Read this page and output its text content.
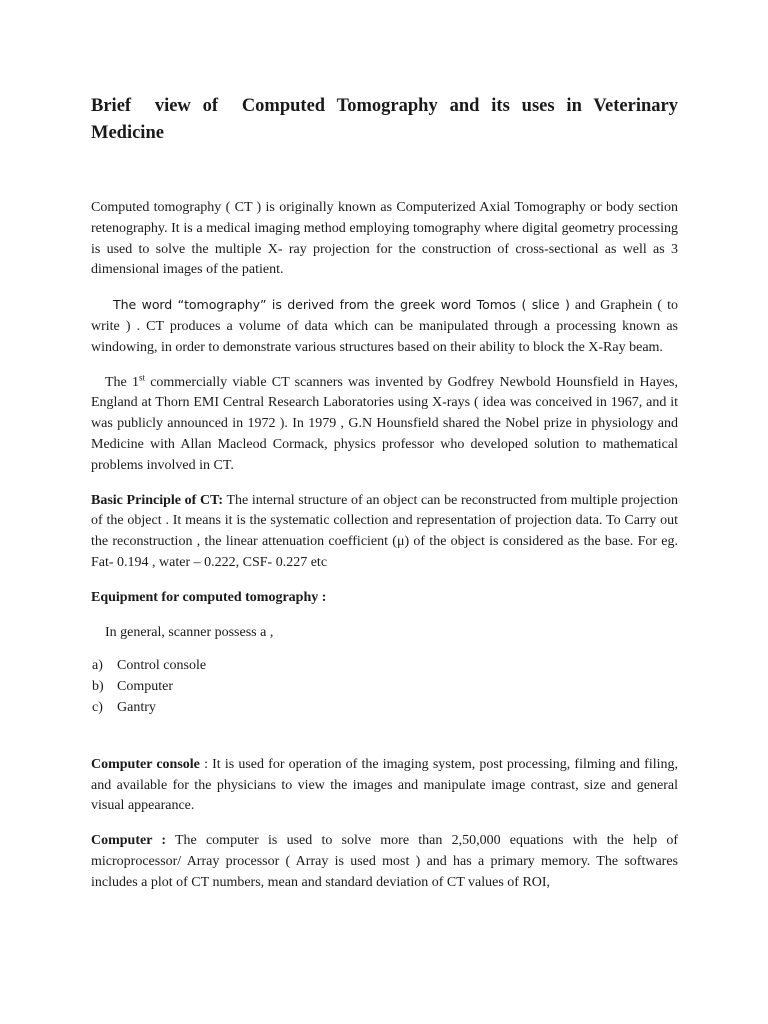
Brief view of Computed Tomography and its uses in Veterinary Medicine

Computed tomography ( CT ) is originally known as Computerized Axial Tomography or body section retenography. It is a medical imaging method employing tomography where digital geometry processing is used to solve the multiple X- ray projection for the construction of cross-sectional as well as 3 dimensional images of the patient.

The word “tomography” is derived from the greek word Tomos ( slice ) and Graphein ( to write ) . CT produces a volume of data which can be manipulated through a processing known as windowing, in order to demonstrate various structures based on their ability to block the X-Ray beam.

The 1st commercially viable CT scanners was invented by Godfrey Newbold Hounsfield in Hayes, England at Thorn EMI Central Research Laboratories using X-rays ( idea was conceived in 1967, and it was publicly announced in 1972 ). In 1979 , G.N Hounsfield shared the Nobel prize in physiology and Medicine with Allan Macleod Cormack, physics professor who developed solution to mathematical problems involved in CT.

Basic Principle of CT: The internal structure of an object can be reconstructed from multiple projection of the object . It means it is the systematic collection and representation of projection data. To Carry out the reconstruction , the linear attenuation coefficient (μ) of the object is considered as the base. For eg. Fat- 0.194 , water – 0.222, CSF- 0.227 etc

Equipment for computed tomography :

In general, scanner possess a ,

a)	Control console
b) Computer
c)	Gantry

Computer console : It is used for operation of the imaging system, post processing, filming and filing, and available for the physicians to view the images and manipulate image contrast, size and general visual appearance.

Computer : The computer is used to solve more than 2,50,000 equations with the help of microprocessor/ Array processor ( Array is used most ) and has a primary memory. The softwares includes a plot of CT numbers, mean and standard deviation of CT values of ROI,
